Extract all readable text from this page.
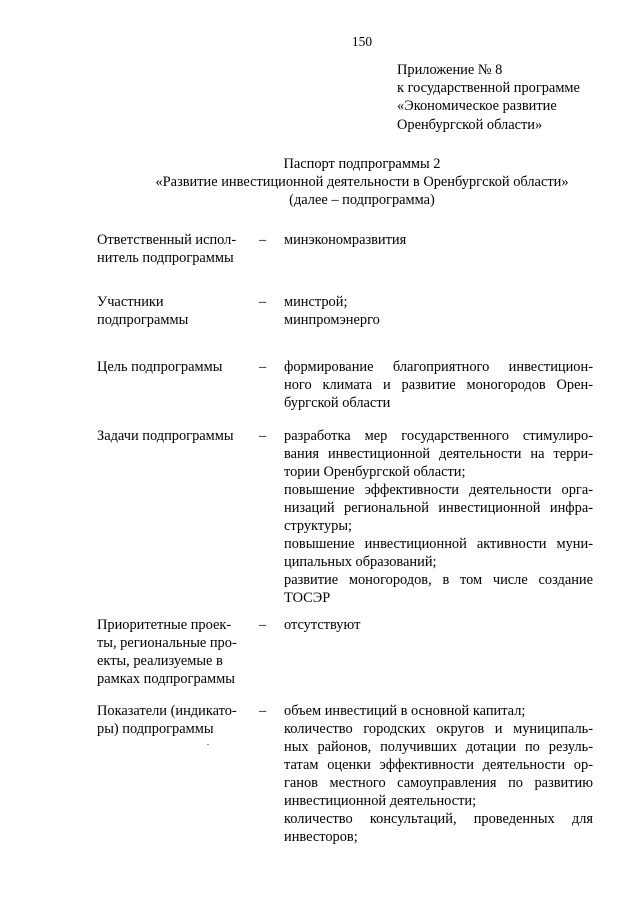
150
Приложение № 8
к государственной программе
«Экономическое развитие
Оренбургской области»
Паспорт подпрограммы 2
«Развитие инвестиционной деятельности в Оренбургской области»
(далее – подпрограмма)
Ответственный испол-
нитель подпрограммы
– минэкономразвития
Участники
подпрограммы
– минстрой;
минпромэнерго
Цель подпрограммы	– формирование благоприятного инвестицион-
ного климата и развитие моногородов Орен-
бургской области
Задачи подпрограммы	– разработка мер государственного стимулиро-
вания инвестиционной деятельности на терри-
тории Оренбургской области;
повышение эффективности деятельности орга-
низаций региональной инвестиционной инфра-
структуры;
повышение инвестиционной активности муни-
ципальных образований;
развитие моногородов, в том числе создание
ТОСЭР
Приоритетные проек-
ты, региональные про-
екты, реализуемые в
рамках подпрограммы
– отсутствуют
Показатели (индикато-
ры) подпрограммы
– объем инвестиций в основной капитал;
количество городских округов и муниципаль-
ных районов, получивших дотации по резуль-
татам оценки эффективности деятельности ор-
ганов местного самоуправления по развитию
инвестиционной деятельности;
количество консультаций, проведенных для
инвесторов;
